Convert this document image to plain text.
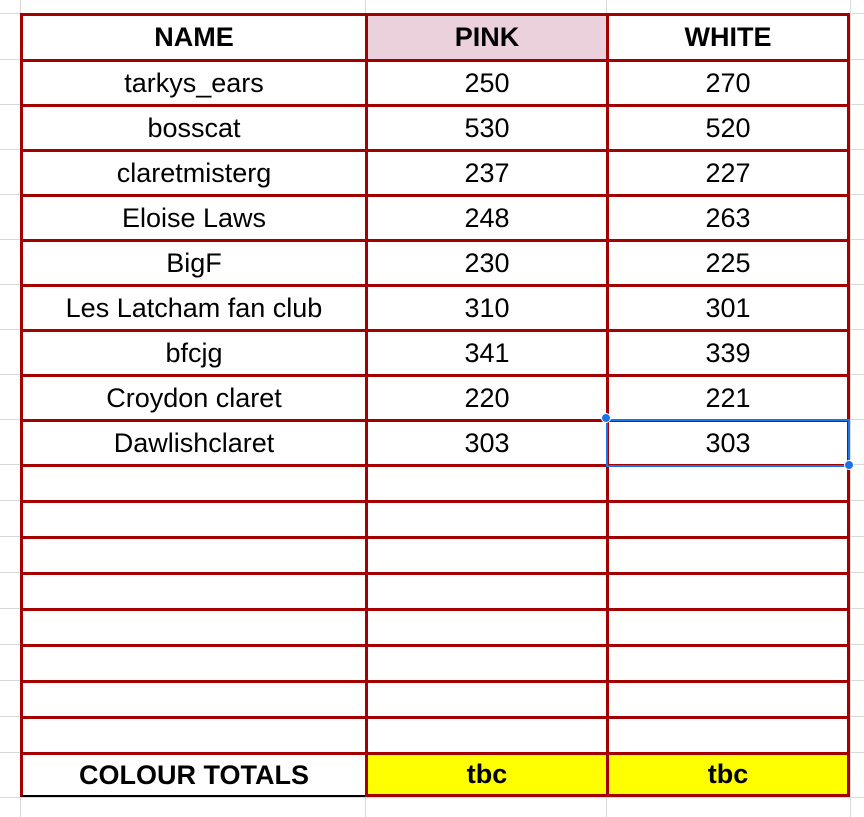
NAME	PINK	WHITE
tarkys_ears	250	270
bosscat	530	520
claretmisterg	237	227
Eloise Laws	248	263
BigF	230	225
Les Latcham fan club	310	301
bfcjg	341	339
Croydon claret	220	221
Dawlishclaret	303	303
COLOUR TOTALS	tbc	tbc
